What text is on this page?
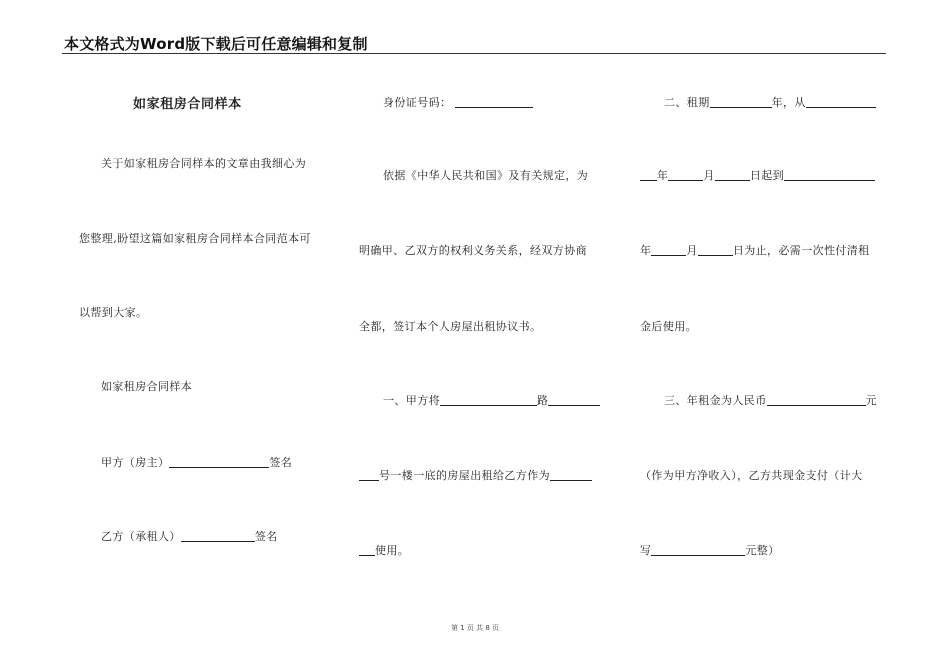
本文格式为Word版下载后可任意编辑和复制
如家租房合同样本
关于如家租房合同样本的文章由我细心为
您整理,盼望这篇如家租房合同样本合同范本可
以帮到大家。
如家租房合同样本
甲方（房主）	签名
乙方（承租人）	签名
身份证号码：
依据《中华人民共和国》及有关规定，为
明确甲、乙双方的权利义务关系，经双方协商
全都，签订本个人房屋出租协议书。
一、甲方将	路
号一楼一底的房屋出租给乙方作为
使用。
二、租期	年，从
年	月	日起到
年	月	日为止，必需一次性付清租
金后使用。
三、年租金为人民币	元
（作为甲方净收入），乙方共现金支付（计大
写	元整）
第 1 页 共 8 页
